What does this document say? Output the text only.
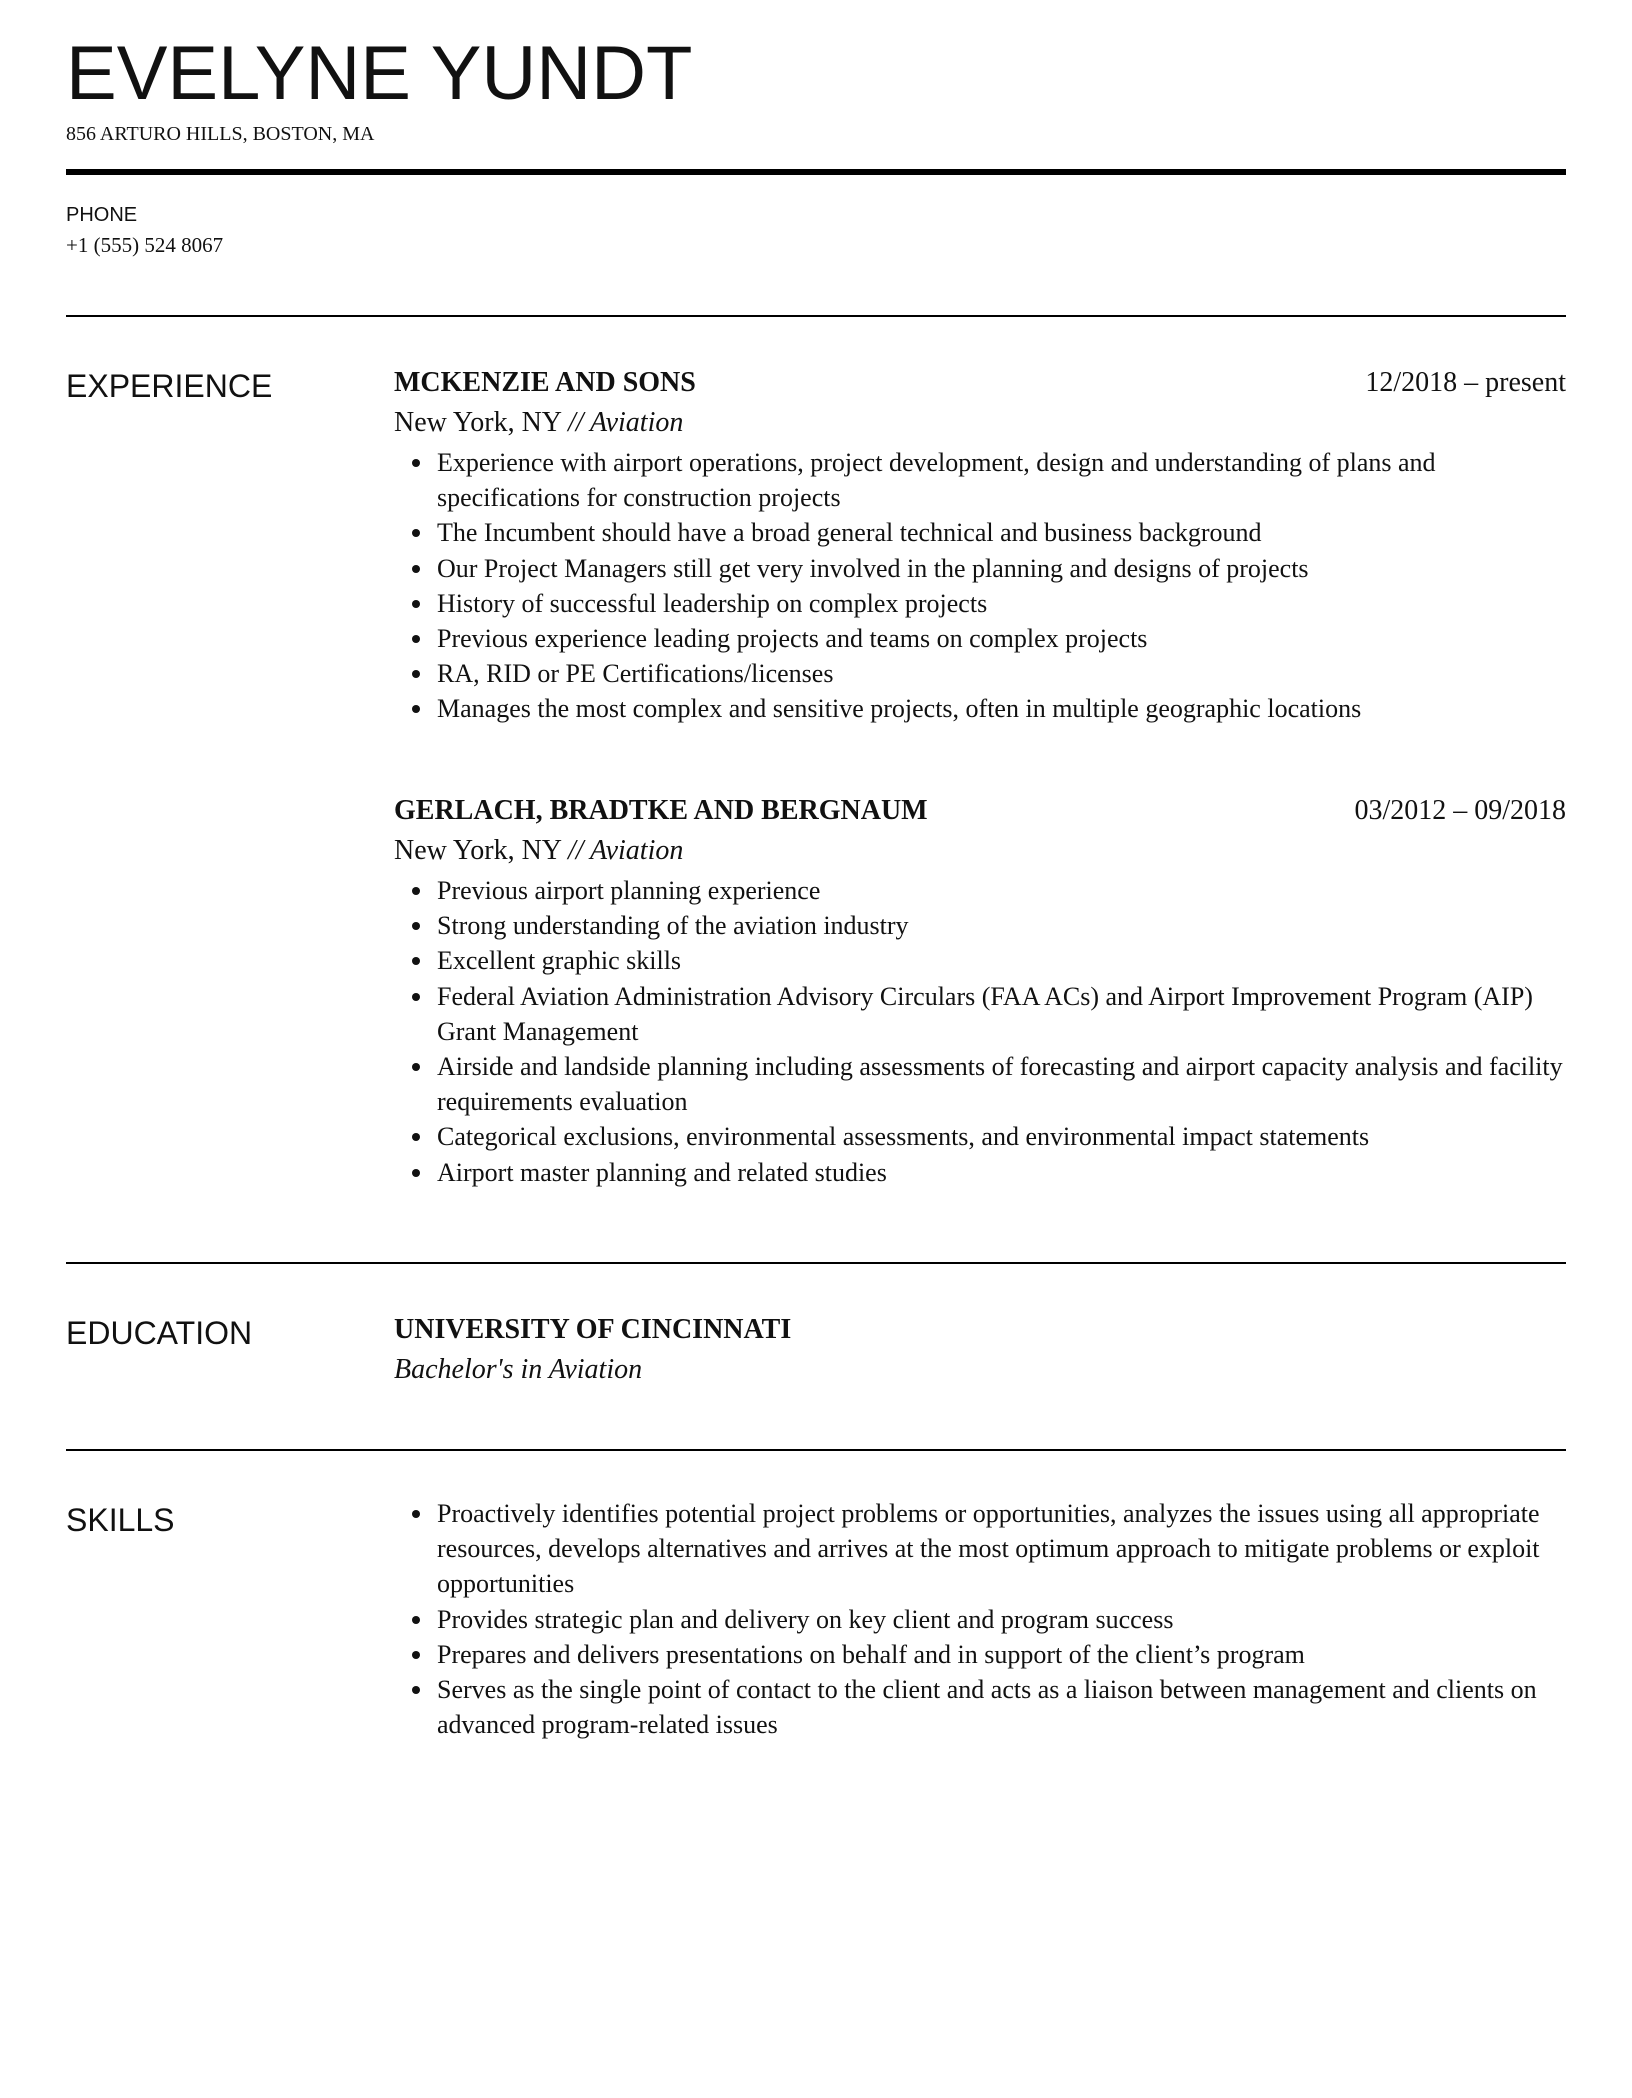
EVELYNE YUNDT
856 ARTURO HILLS, BOSTON, MA
PHONE
+1 (555) 524 8067
EXPERIENCE	MCKENZIE AND SONS	12/2018 – present
New York, NY // Aviation
Experience with airport operations, project development, design and understanding of plans and specifications for construction projects
The Incumbent should have a broad general technical and business background
Our Project Managers still get very involved in the planning and designs of projects
History of successful leadership on complex projects
Previous experience leading projects and teams on complex projects
RA, RID or PE Certifications/licenses
Manages the most complex and sensitive projects, often in multiple geographic locations
GERLACH, BRADTKE AND BERGNAUM	03/2012 – 09/2018
New York, NY // Aviation
Previous airport planning experience
Strong understanding of the aviation industry
Excellent graphic skills
Federal Aviation Administration Advisory Circulars (FAA ACs) and Airport Improvement Program (AIP) Grant Management
Airside and landside planning including assessments of forecasting and airport capacity analysis and facility requirements evaluation
Categorical exclusions, environmental assessments, and environmental impact statements
Airport master planning and related studies
EDUCATION	UNIVERSITY OF CINCINNATI
Bachelor's in Aviation
SKILLS	Proactively identifies potential project problems or opportunities, analyzes the issues using all appropriate resources, develops alternatives and arrives at the most optimum approach to mitigate problems or exploit opportunities
Provides strategic plan and delivery on key client and program success
Prepares and delivers presentations on behalf and in support of the client’s program
Serves as the single point of contact to the client and acts as a liaison between management and clients on advanced program-related issues
